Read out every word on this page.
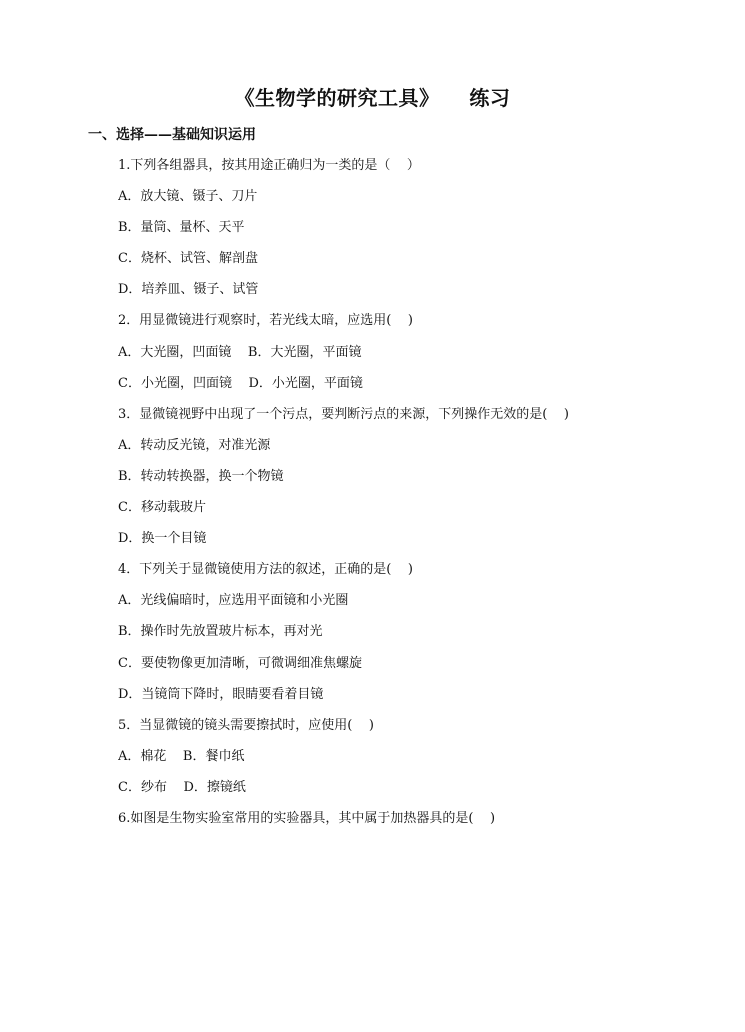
《生物学的研究工具》    练习
一、选择——基础知识运用
1.下列各组器具，按其用途正确归为一类的是（    ）
A．放大镜、镊子、刀片
B．量筒、量杯、天平
C．烧杯、试管、解剖盘
D．培养皿、镊子、试管
2．用显微镜进行观察时，若光线太暗，应选用(    )
A．大光圈，凹面镜    B．大光圈，平面镜
C．小光圈，凹面镜    D．小光圈，平面镜
3．显微镜视野中出现了一个污点，要判断污点的来源，下列操作无效的是(    )
A．转动反光镜，对准光源
B．转动转换器，换一个物镜
C．移动载玻片
D．换一个目镜
4．下列关于显微镜使用方法的叙述，正确的是(    )
A．光线偏暗时，应选用平面镜和小光圈
B．操作时先放置玻片标本，再对光
C．要使物像更加清晰，可微调细准焦螺旋
D．当镜筒下降时，眼睛要看着目镜
5．当显微镜的镜头需要擦拭时，应使用(    )
A．棉花    B．餐巾纸
C．纱布    D．擦镜纸
6.如图是生物实验室常用的实验器具，其中属于加热器具的是(    )
